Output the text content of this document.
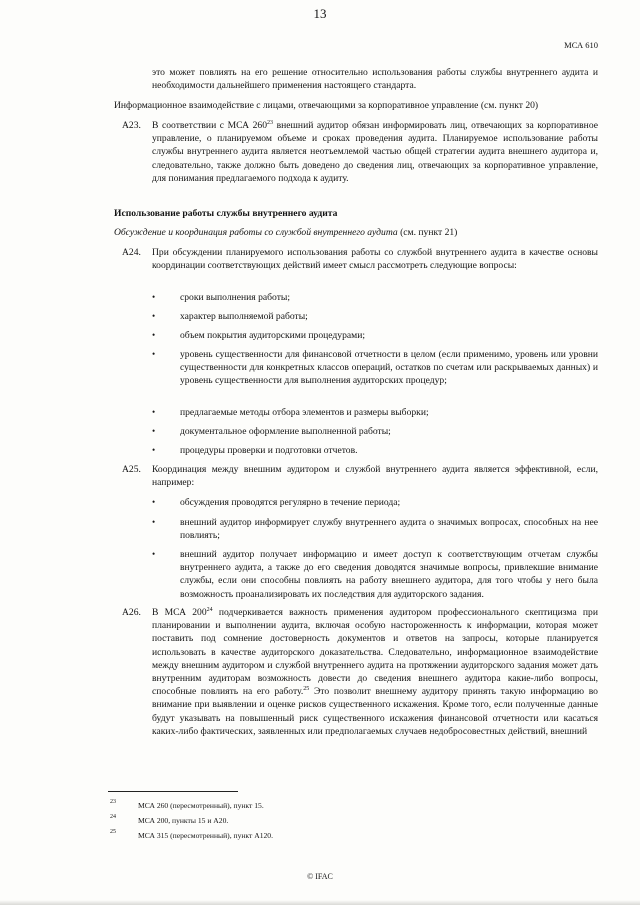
13
МСА 610
это может повлиять на его решение относительно использования работы службы внутреннего аудита и необходимости дальнейшего применения настоящего стандарта.
Информационное взаимодействие с лицами, отвечающими за корпоративное управление (см. пункт 20)
A23. В соответствии с МСА $260^{23}$ внешний аудитор обязан информировать лиц, отвечающих за корпоративное управление, о планируемом объеме и сроках проведения аудита. Планируемое использование работы службы внутреннего аудита является неотъемлемой частью общей стратегии аудита внешнего аудитора и, следовательно, также должно быть доведено до сведения лиц, отвечающих за корпоративное управление, для понимания предлагаемого подхода к аудиту.
Использование работы службы внутреннего аудита
Обсуждение и координация работы со службой внутреннего аудита (см. пункт 21)
A24. При обсуждении планируемого использования работы со службой внутреннего аудита в качестве основы координации соответствующих действий имеет смысл рассмотреть следующие вопросы:
•	сроки выполнения работы;
•	характер выполняемой работы;
•	объем покрытия аудиторскими процедурами;
•	уровень существенности для финансовой отчетности в целом (если применимо, уровень или уровни существенности для конкретных классов операций, остатков по счетам или раскрываемых данных) и уровень существенности для выполнения аудиторских процедур;
•	предлагаемые методы отбора элементов и размеры выборки;
•	документальное оформление выполненной работы;
•	процедуры проверки и подготовки отчетов.
A25. Координация между внешним аудитором и службой внутреннего аудита является эффективной, если, например:
•	обсуждения проводятся регулярно в течение периода;
•	внешний аудитор информирует службу внутреннего аудита о значимых вопросах, способных на нее повлиять;
•	внешний аудитор получает информацию и имеет доступ к соответствующим отчетам службы внутреннего аудита, а также до его сведения доводятся значимые вопросы, привлекшие внимание службы, если они способны повлиять на работу внешнего аудитора, для того чтобы у него была возможность проанализировать их последствия для аудиторского задания.
A26. В МСА $200^{24}$ подчеркивается важность применения аудитором профессионального скептицизма при планировании и выполнении аудита, включая особую настороженность к информации, которая может поставить под сомнение достоверность документов и ответов на запросы, которые планируется использовать в качестве аудиторского доказательства. Следовательно, информационное взаимодействие между внешним аудитором и службой внутреннего аудита на протяжении аудиторского задания может дать внутренним аудиторам возможность довести до сведения внешнего аудитора какие-либо вопросы, способные повлиять на его работу.$^{25}$ Это позволит внешнему аудитору принять такую информацию во внимание при выявлении и оценке рисков существенного искажения. Кроме того, если полученные данные будут указывать на повышенный риск существенного искажения финансовой отчетности или касаться каких-либо фактических, заявленных или предполагаемых случаев недобросовестных действий, внешний
23	МСА 260 (пересмотренный), пункт 15.
24	МСА 200, пункты 15 и А20.
25	МСА 315 (пересмотренный), пункт А120.
© IFAC
